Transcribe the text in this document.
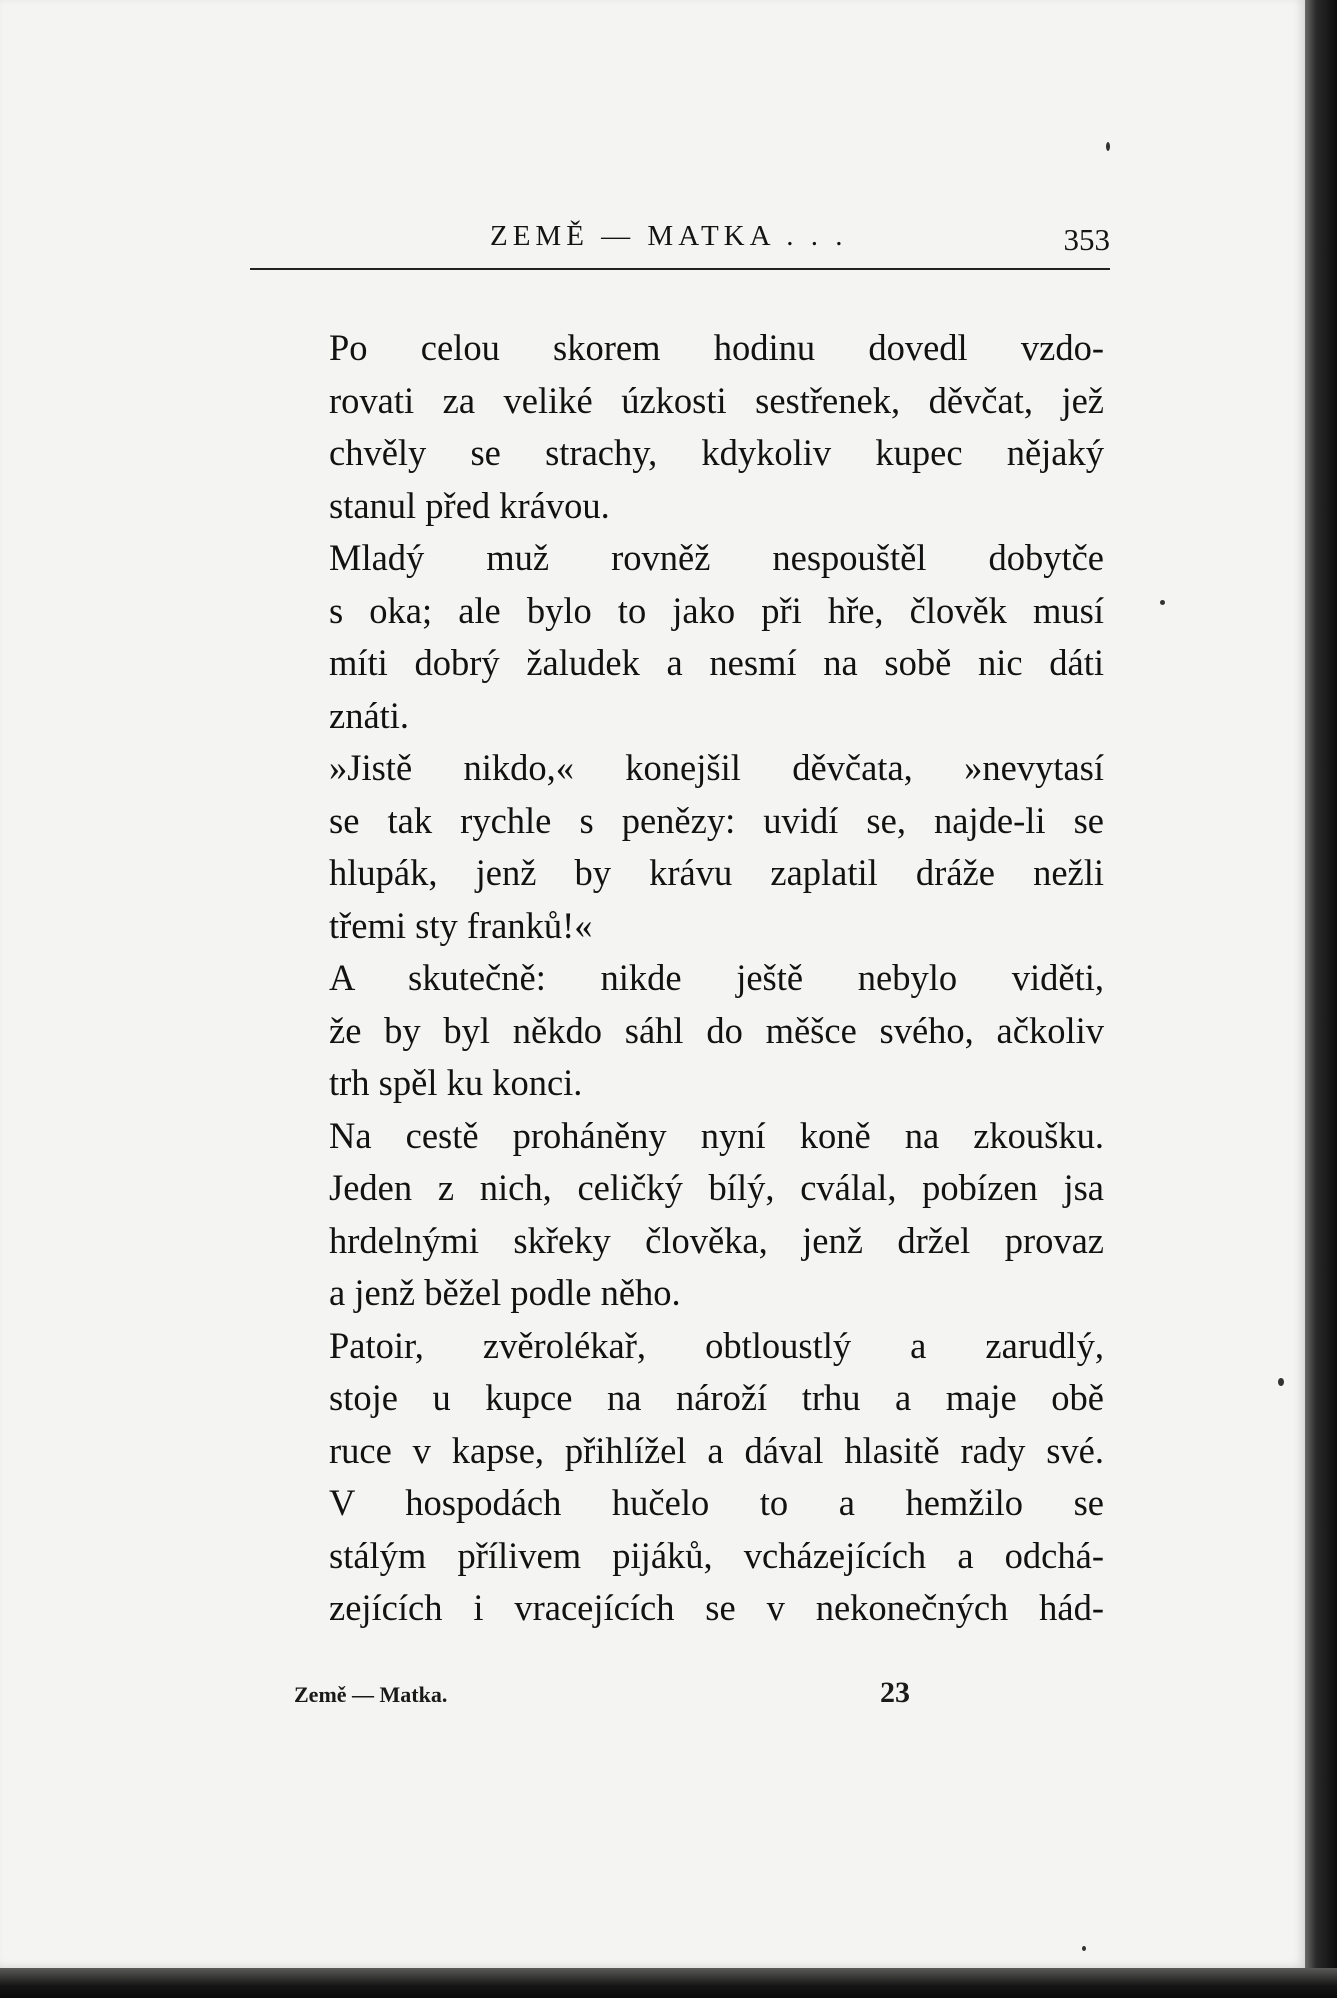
ZEMĚ — MATKA . . .	353

Po celou skorem hodinu dovedl vzdo-
rovati za veliké úzkosti sestřenek, děvčat, jež
chvěly se strachy, kdykoliv kupec nějaký
stanul před krávou.

Mladý muž rovněž nespouštěl dobytče
s oka; ale bylo to jako při hře, člověk musí
míti dobrý žaludek a nesmí na sobě nic dáti
znáti.

»Jistě nikdo,« konejšil děvčata, »nevytasí
se tak rychle s penězy: uvidí se, najde-li se
hlupák, jenž by krávu zaplatil dráže nežli
třemi sty franků!«

A skutečně: nikde ještě nebylo viděti,
že by byl někdo sáhl do měšce svého, ačkoliv
trh spěl ku konci.

Na cestě proháněny nyní koně na zkoušku.
Jeden z nich, celičký bílý, cválal, pobízen jsa
hrdelnými skřeky člověka, jenž držel provaz
a jenž běžel podle něho.

Patoir, zvěrolékař, obtloustlý a zarudlý,
stoje u kupce na nároží trhu a maje obě
ruce v kapse, přihlížel a dával hlasitě rady své.

V hospodách hučelo to a hemžilo se
stálým přílivem pijáků, vcházejících a odchá-
zejících i vracejících se v nekonečných hád-

Země — Matka.	23
